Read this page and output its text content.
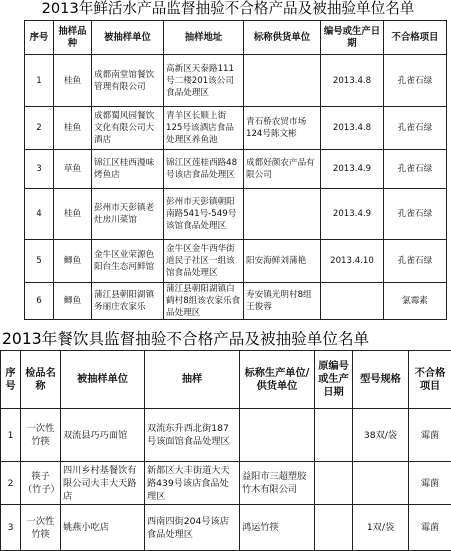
2013年鲜活水产品监督抽验不合格产品及被抽验单位名单
序号	抽样品种	被抽样单位	抽样地址	标称供货单位	编号或生产日期	不合格项目
1	桂鱼	成都南堂馆餐饮管理有限公司	高新区天泰路111号二楼201该公司食品处理区		2013.4.8	孔雀石绿
2	桂鱼	成都蜀风园餐饮文化有限公司大酒店	青羊区长顺上街125号该酒店食品处理区养鱼池	青石桥农贸市场124号陈文彬	2013.4.8	孔雀石绿
3	草鱼	锦江区桂西漫味烤鱼店	锦江区莲桂西路48号该店食品处理区	成都好颜农产品有限公司	2013.4.9	孔雀石绿
4	桂鱼	彭州市天彭镇老灶房川菜馆	彭州市天彭镇朝阳南路541号-549号该馆食品处理区		2013.4.9	孔雀石绿
5	鲫鱼	金牛区业荣源色阳台生态河鲜馆	金牛区金牛西华街道民子社区一组该馆食品处理区	阳安海鲜刘蒲艳	2013.4.10	孔雀石绿
6	鲫鱼	蒲江县朝阳湖镇务丽庄农家乐	蒲江县朝阳湖镇白鹤村8组该农家乐食品处理区	寿安镇光明村8组王俊蓉		氯霉素
2013年餐饮具监督抽验不合格产品及被抽验单位名单
序号	检品名称	被抽样单位	抽样	标称生产单位/供货单位	原编号或生产日期	型号规格	不合格项目
1	一次性竹筷	双流县巧巧面馆	双流东升西北街187号该面馆食品处理区			38双/袋	霉菌
2	筷子（竹子）	四川乡村基餐饮有限公司大丰大天路店	新都区大丰街道大天路439号该店食品处理区	益阳市三超塑胶竹木有限公司			霉菌
3	一次性竹筷	姚燕小吃店	西南四街204号该店食品处理区	鸿运竹筷		1双/袋	霉菌
